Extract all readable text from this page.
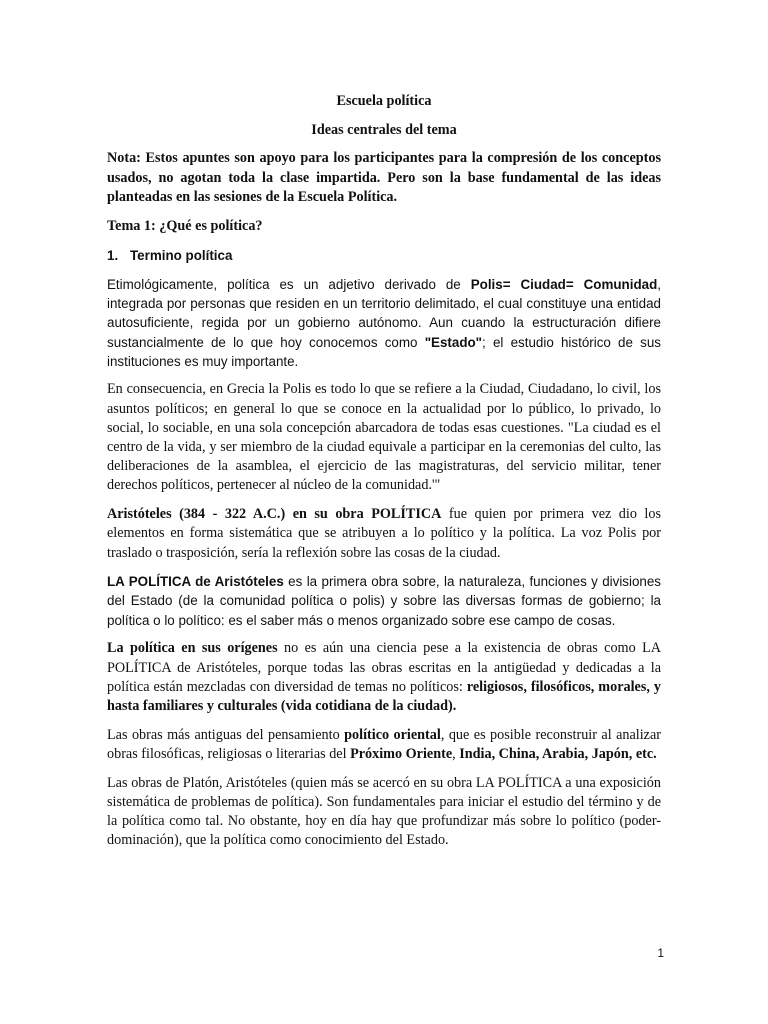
Escuela política
Ideas centrales del tema

Nota: Estos apuntes son apoyo para los participantes para la compresión de los conceptos usados, no agotan toda la clase impartida. Pero son la base fundamental de las ideas planteadas en las sesiones de la Escuela Política.

Tema 1: ¿Qué es política?
1. Termino política

Etimológicamente, política es un adjetivo derivado de Polis= Ciudad= Comunidad, integrada por personas que residen en un territorio delimitado, el cual constituye una entidad autosuficiente, regida por un gobierno autónomo. Aun cuando la estructuración difiere sustancialmente de lo que hoy conocemos como "Estado"; el estudio histórico de sus instituciones es muy importante.

En consecuencia, en Grecia la Polis es todo lo que se refiere a la Ciudad, Ciudadano, lo civil, los asuntos políticos; en general lo que se conoce en la actualidad por lo público, lo privado, lo social, lo sociable, en una sola concepción abarcadora de todas esas cuestiones. "La ciudad es el centro de la vida, y ser miembro de la ciudad equivale a participar en la ceremonias del culto, las deliberaciones de la asamblea, el ejercicio de las magistraturas, del servicio militar, tener derechos políticos, pertenecer al núcleo de la comunidad.'"

Aristóteles (384 - 322 A.C.) en su obra POLÍTICA fue quien por primera vez dio los elementos en forma sistemática que se atribuyen a lo político y la política. La voz Polis por traslado o trasposición, sería la reflexión sobre las cosas de la ciudad.

LA POLÍTICA de Aristóteles es la primera obra sobre, la naturaleza, funciones y divisiones del Estado (de la comunidad política o polis) y sobre las diversas formas de gobierno; la política o lo político: es el saber más o menos organizado sobre ese campo de cosas.

La política en sus orígenes no es aún una ciencia pese a la existencia de obras como LA POLÍTICA de Aristóteles, porque todas las obras escritas en la antigüedad y dedicadas a la política están mezcladas con diversidad de temas no políticos: religiosos, filosóficos, morales, y hasta familiares y culturales (vida cotidiana de la ciudad).

Las obras más antiguas del pensamiento político oriental, que es posible reconstruir al analizar obras filosóficas, religiosas o literarias del Próximo Oriente, India, China, Arabia, Japón, etc.

Las obras de Platón, Aristóteles (quien más se acercó en su obra LA POLÍTICA a una exposición sistemática de problemas de política). Son fundamentales para iniciar el estudio del término y de la política como tal. No obstante, hoy en día hay que profundizar más sobre lo político (poder- dominación), que la política como conocimiento del Estado.

1
